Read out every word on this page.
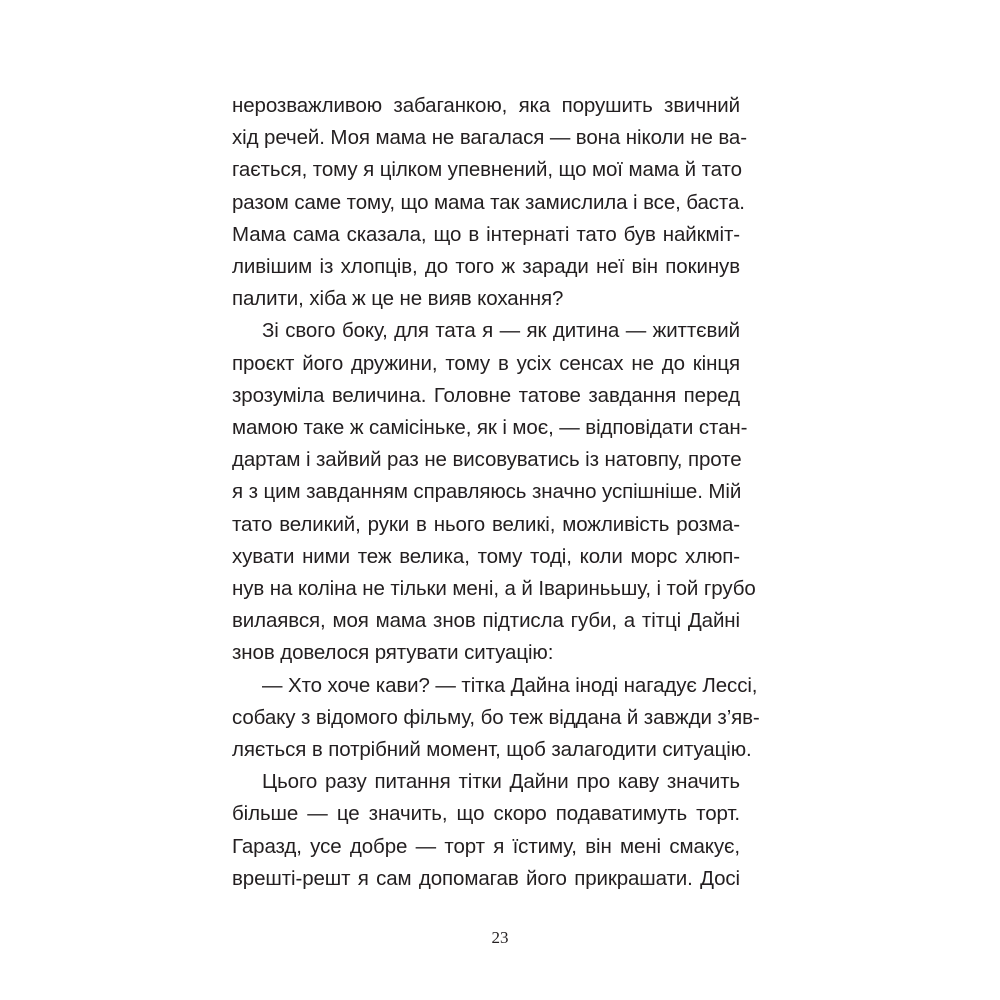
нерозважливою забаганкою, яка порушить звичний
хід речей. Моя мама не вагалася — вона ніколи не ва-
гається, тому я цілком упевнений, що мої мама й тато
разом саме тому, що мама так замислила і все, баста.
Мама сама сказала, що в інтернаті тато був найкміт-
ливішим із хлопців, до того ж заради неї він покинув
палити, хіба ж це не вияв кохання?
Зі свого боку, для тата я — як дитина — життєвий
проєкт його дружини, тому в усіх сенсах не до кінця
зрозуміла величина. Головне татове завдання перед
мамою таке ж самісіньке, як і моє, — відповідати стан-
дартам і зайвий раз не висовуватись із натовпу, проте
я з цим завданням справляюсь значно успішніше. Мій
тато великий, руки в нього великі, можливість розма-
хувати ними теж велика, тому тоді, коли морс хлюп-
нув на коліна не тільки мені, а й Іваринььшу, і той грубо
вилаявся, моя мама знов підтисла губи, а тітці Дайні
знов довелося рятувати ситуацію:
— Хто хоче кави? — тітка Дайна іноді нагадує Лессі,
собаку з відомого фільму, бо теж віддана й завжди з’яв-
ляється в потрібний момент, щоб залагодити ситуацію.
Цього разу питання тітки Дайни про каву значить
більше — це значить, що скоро подаватимуть торт.
Гаразд, усе добре — торт я їстиму, він мені смакує,
врешті-решт я сам допомагав його прикрашати. Досі
23
